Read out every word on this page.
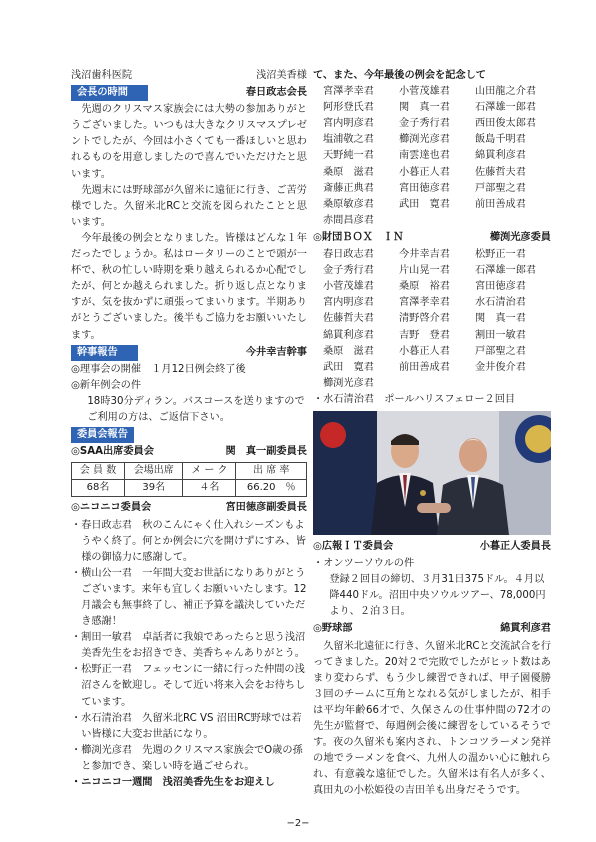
浅沼歯科医院	浅沼美香様
会長の時間	春日政志会長
先週のクリスマス家族会には大勢の参加ありがとうございました。いつもは大きなクリスマスプレゼントでしたが、今回は小さくても一番ほしいと思われるものを用意しましたので喜んでいただけたと思います。
先週末には野球部が久留米に遠征に行き、ご苦労様でした。久留米北RCと交流を図られたことと思います。
今年最後の例会となりました。皆様はどんな１年だったでしょうか。私はロータリーのことで頭が一杯で、秋の忙しい時期を乗り越えられるか心配でしたが、何とか越えられました。折り返し点となりますが、気を抜かずに頑張ってまいります。半期ありがとうございました。後半もご協力をお願いいたします。
幹事報告	今井幸吉幹事
◎理事会の開催　１月12日例会終了後
◎新年例会の件
18時30分ディラン。バスコースを送りますのでご利用の方は、ご返信下さい。
委員会報告
◎SAA出席委員会	関　真一副委員長
会 員 数	会場出席	メ ー ク	出 席 率
68名	39名	４名	66.20　％
◎ニコニコ委員会	宮田徳彦副委員長
・春日政志君　秋のこんにゃく仕入れシーズンもようやく終了。何とか例会に穴を開けずにすみ、皆様の御協力に感謝して。
・横山公一君　一年間大変お世話になりありがとうございます。来年も宜しくお願いいたします。12月議会も無事終了し、補正予算を議決していただき感謝！
・割田一敏君　卓話者に我娘であったらと思う浅沼美香先生をお招きでき、美香ちゃんありがとう。
・松野正一君　フェッセンに一緒に行った仲間の浅沼さんを歓迎し。そして近い将来入会をお待ちしています。
・水石清治君　久留米北RC VS 沼田RC野球では若い皆様に大変お世話になり。
・櫛渕光彦君　先週のクリスマス家族会でO歳の孫と参加でき、楽しい時を過ごせられ。
・ニコニコ一週間　浅沼美香先生をお迎えし
て、また、今年最後の例会を記念して
宮澤孝幸君	小菅茂雄君	山田龍之介君
阿形登氏君	関　真一君	石澤雄一郎君
宮内明彦君	金子秀行君	西田俊太郎君
塩浦敬之君	櫛渕光彦君	飯島千明君
天野純一君	南雲達也君	綿貫利彦君
桑原　滋君	小暮正人君	佐藤哲夫君
斎藤正典君	宮田徳彦君	戸部聖之君
桑原敏彦君	武田　寛君	前田善成君
赤間昌彦君
◎財団ＢＯＸ　ＩＮ	櫛渕光彦委員
春日政志君	今井幸吉君	松野正一君
金子秀行君	片山晃一君	石澤雄一郎君
小菅茂雄君	桑原　裕君	宮田徳彦君
宮内明彦君	宮澤孝幸君	水石清治君
佐藤哲夫君	清野啓介君	関　真一君
綿貫利彦君	吉野　登君	割田一敏君
桑原　滋君	小暮正人君	戸部聖之君
武田　寛君	前田善成君	金井俊介君
櫛渕光彦君
・水石清治君　ポールハリスフェロー２回目
◎広報ＩＴ委員会	小暮正人委員長
・オンツーソウルの件
登録２回目の締切、３月31日375ドル。４月以降440ドル。沼田中央ソウルツアー、78,000円より、２泊３日。
◎野球部	綿貫利彦君
久留米北遠征に行き、久留米北RCと交流試合を行ってきました。20対２で完敗でしたがヒット数はあまり変わらず、もう少し練習できれば、甲子園優勝３回のチームに互角となれる気がしましたが、相手は平均年齢66才で、久保さんの仕事仲間の72才の先生が監督で、毎週例会後に練習をしているそうです。夜の久留米も案内され、トンコツラーメン発祥の地でラーメンを食べ、九州人の温かい心に触れられ、有意義な遠征でした。久留米は有名人が多く、真田丸の小松姫役の吉田羊も出身だそうです。
−2−
